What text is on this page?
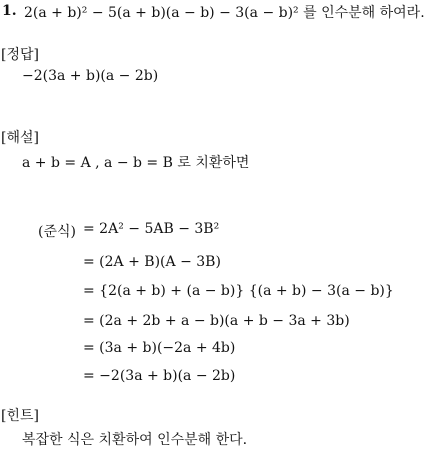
1. 2(a + b)² − 5(a + b)(a − b) − 3(a − b)² 를 인수분해 하여라.
[정답]
−2(3a + b)(a − 2b)
[해설]
a + b = A , a − b = B 로 치환하면
(준식) = 2A² − 5AB − 3B²
= (2A + B)(A − 3B)
= {2(a + b) + (a − b)} {(a + b) − 3(a − b)}
= (2a + 2b + a − b)(a + b − 3a + 3b)
= (3a + b)(−2a + 4b)
= −2(3a + b)(a − 2b)
[힌트]
복잡한 식은 치환하여 인수분해 한다.
